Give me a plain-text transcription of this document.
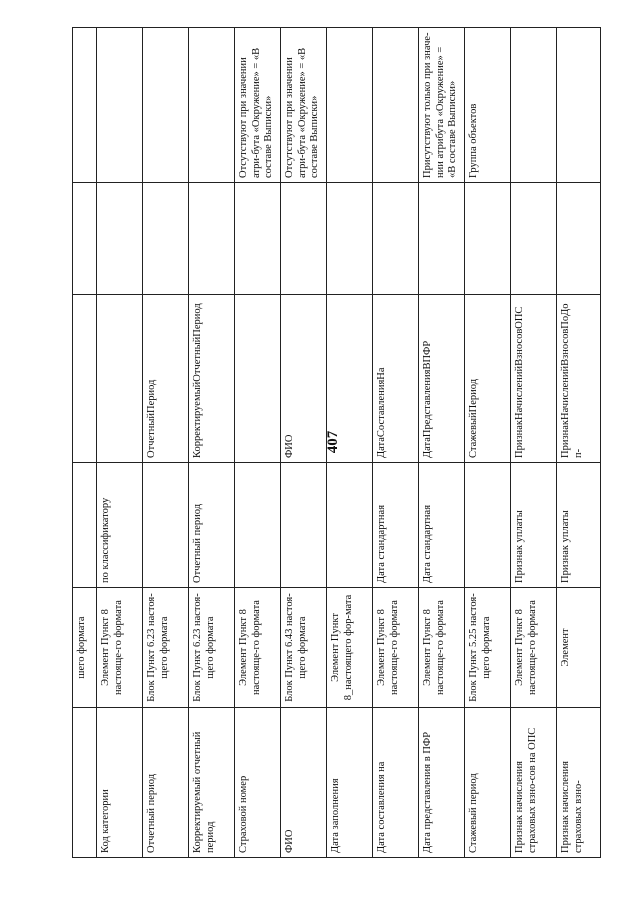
407
	шего формата					
Код категории	Элемент Пункт 8 настояще-го формата	по классификатору				
Отчетный период	Блок Пункт 6.23 настоя-щего формата		ОтчетныйПериод			
Корректируемый отчетный период	Блок Пункт 6.23 настоя-щего формата	Отчетный период	КорректируемыйОтчетныйПериод			
Страховой номер	Элемент Пункт 8 настояще-го формата				Отсутствуют при значении атри-бута «Окружение» = «В составе Выписки»	
ФИО	Блок Пункт 6.43 настоя-щего формата		ФИО		Отсутствуют при значении атри-бута «Окружение» = «В составе Выписки»	
Дата заполнения	Элемент Пункт 8_настоящего фор-мата					
Дата составления на	Элемент Пункт 8 настояще-го формата	Дата стандартная	ДатаСоставленияНа			
Дата представления в ПФР	Элемент Пункт 8 настояще-го формата	Дата стандартная	ДатаПредставленияВПФР		Присутствуют только при значе-нии атрибута «Окружение» = «В составе Выписки»	
Стажевый период	Блок Пункт 5.25 настоя-щего формата		СтажевыйПериод		Группа объектов	
Признак начисления страховых взно-сов на ОПС	Элемент Пункт 8 настояще-го формата	Признак уплаты	ПризнакНачисленийВзносовОПС			
Признак начисления страховых взно-	Элемент	Признак уплаты	ПризнакНачисленийВзносовПоДоп-			
